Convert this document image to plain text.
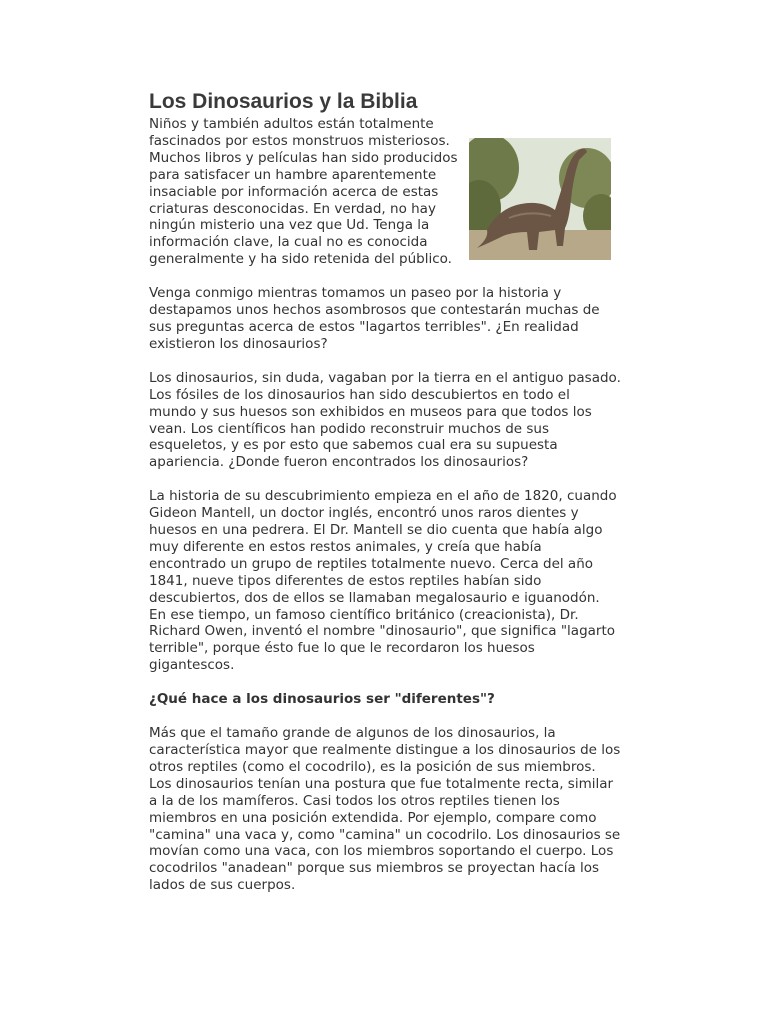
Los Dinosaurios y la Biblia

Niños y también adultos están totalmente fascinados por estos monstruos misteriosos. Muchos libros y películas han sido producidos para satisfacer un hambre aparentemente insaciable por información acerca de estas criaturas desconocidas. En verdad, no hay ningún misterio una vez que Ud. Tenga la información clave, la cual no es conocida generalmente y ha sido retenida del público.

Venga conmigo mientras tomamos un paseo por la historia y destapamos unos hechos asombrosos que contestarán muchas de sus preguntas acerca de estos "lagartos terribles". ¿En realidad existieron los dinosaurios?

Los dinosaurios, sin duda, vagaban por la tierra en el antiguo pasado. Los fósiles de los dinosaurios han sido descubiertos en todo el mundo y sus huesos son exhibidos en museos para que todos los vean. Los científicos han podido reconstruir muchos de sus esqueletos, y es por esto que sabemos cual era su supuesta apariencia. ¿Donde fueron encontrados los dinosaurios?

La historia de su descubrimiento empieza en el año de 1820, cuando Gideon Mantell, un doctor inglés, encontró unos raros dientes y huesos en una pedrera. El Dr. Mantell se dio cuenta que había algo muy diferente en estos restos animales, y creía que había encontrado un grupo de reptiles totalmente nuevo. Cerca del año 1841, nueve tipos diferentes de estos reptiles habían sido descubiertos, dos de ellos se llamaban megalosaurio e iguanodón. En ese tiempo, un famoso científico británico (creacionista), Dr. Richard Owen, inventó el nombre "dinosaurio", que significa "lagarto terrible", porque ésto fue lo que le recordaron los huesos gigantescos.

¿Qué hace a los dinosaurios ser "diferentes"?

Más que el tamaño grande de algunos de los dinosaurios, la característica mayor que realmente distingue a los dinosaurios de los otros reptiles (como el cocodrilo), es la posición de sus miembros. Los dinosaurios tenían una postura que fue totalmente recta, similar a la de los mamíferos. Casi todos los otros reptiles tienen los miembros en una posición extendida. Por ejemplo, compare como "camina" una vaca y, como "camina" un cocodrilo. Los dinosaurios se movían como una vaca, con los miembros soportando el cuerpo. Los cocodrilos "anadean" porque sus miembros se proyectan hacía los lados de sus cuerpos.
